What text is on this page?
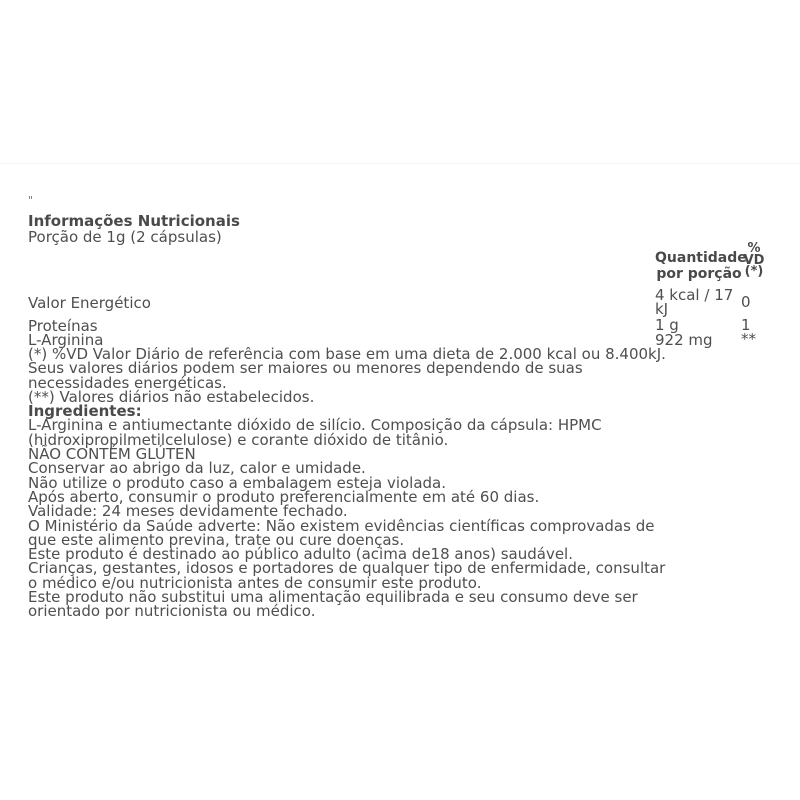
"
Informações Nutricionais
Porção de 1g (2 cápsulas)
Quantidade por porção
% VD (*)
Valor Energético	4 kcal / 17 kJ	0
Proteínas	1 g	1
L-Arginina	922 mg	**

(*) %VD Valor Diário de referência com base em uma dieta de 2.000 kcal ou 8.400kJ. Seus valores diários podem ser maiores ou menores dependendo de suas necessidades energéticas.

(**) Valores diários não estabelecidos.

Ingredientes:

L-Arginina e antiumectante dióxido de silício. Composição da cápsula: HPMC (hidroxipropilmetilcelulose) e corante dióxido de titânio.

NÃO CONTÉM GLÚTEN

Conservar ao abrigo da luz, calor e umidade.

Não utilize o produto caso a embalagem esteja violada.

Após aberto, consumir o produto preferencialmente em até 60 dias.

Validade: 24 meses devidamente fechado.

O Ministério da Saúde adverte: Não existem evidências científicas comprovadas de que este alimento previna, trate ou cure doenças.

Este produto é destinado ao público adulto (acima de18 anos) saudável.

Crianças, gestantes, idosos e portadores de qualquer tipo de enfermidade, consultar o médico e/ou nutricionista antes de consumir este produto.

Este produto não substitui uma alimentação equilibrada e seu consumo deve ser orientado por nutricionista ou médico.
